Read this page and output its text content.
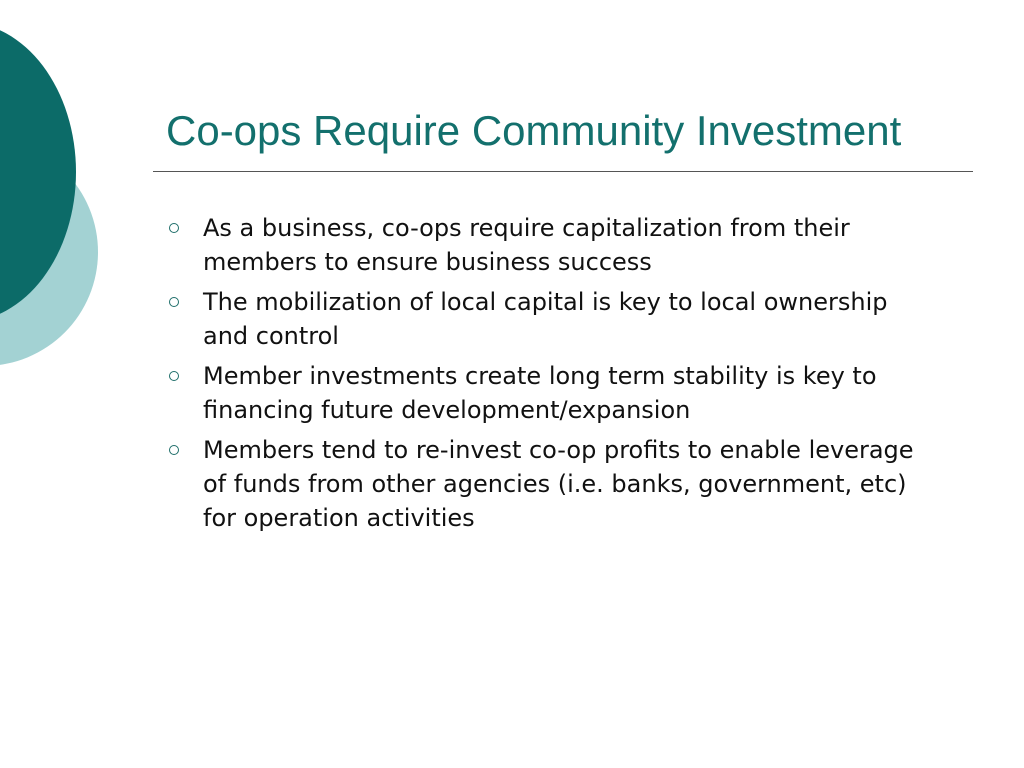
Co-ops Require Community Investment
As a business, co-ops require capitalization from their members to ensure business success
The mobilization of local capital is key to local ownership and control
Member investments create long term stability is key to financing future development/expansion
Members tend to re-invest co-op profits to enable leverage of funds from other agencies (i.e. banks, government, etc) for operation activities
